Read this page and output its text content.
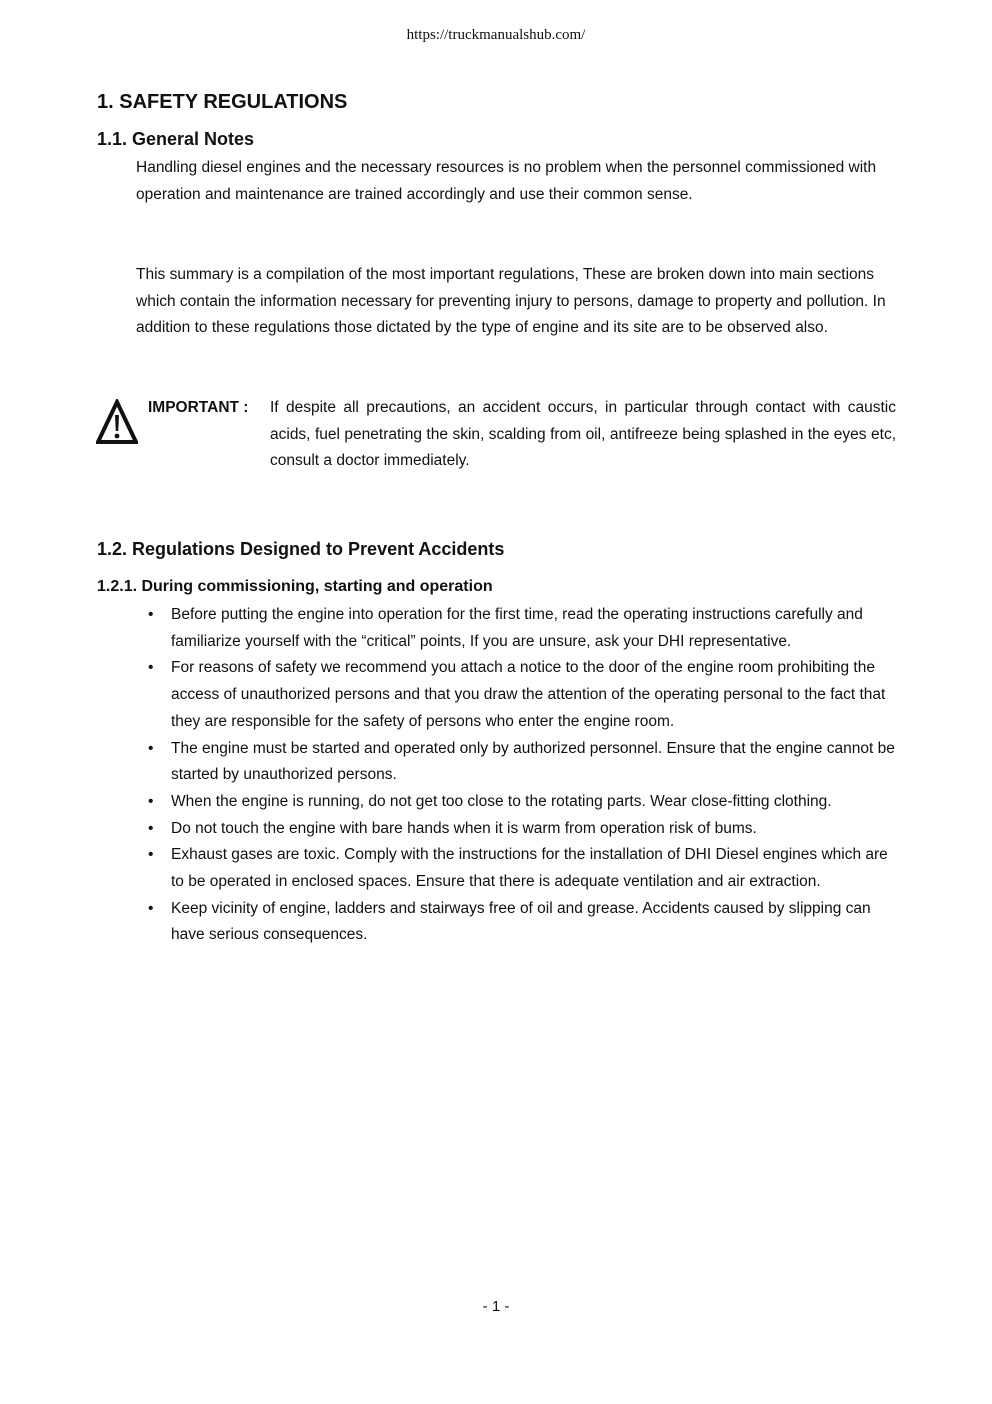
https://truckmanualshub.com/
1. SAFETY REGULATIONS
1.1. General Notes

Handling diesel engines and the necessary resources is no problem when the personnel commissioned with operation and maintenance are trained accordingly and use their common sense.

This summary is a compilation of the most important regulations, These are broken down into main sections which contain the information necessary for preventing injury to persons, damage to property and pollution. In addition to these regulations those dictated by the type of engine and its site are to be observed also.

IMPORTANT : If despite all precautions, an accident occurs, in particular through contact with caustic acids, fuel penetrating the skin, scalding from oil, antifreeze being splashed in the eyes etc, consult a doctor immediately.

1.2. Regulations Designed to Prevent Accidents
1.2.1. During commissioning, starting and operation
•	Before putting the engine into operation for the first time, read the operating instructions carefully and familiarize yourself with the “critical” points, If you are unsure, ask your DHI representative.
•	For reasons of safety we recommend you attach a notice to the door of the engine room prohibiting the access of unauthorized persons and that you draw the attention of the operating personal to the fact that they are responsible for the safety of persons who enter the engine room.
•	The engine must be started and operated only by authorized personnel. Ensure that the engine cannot be started by unauthorized persons.
•	When the engine is running, do not get too close to the rotating parts. Wear close-fitting clothing.
•	Do not touch the engine with bare hands when it is warm from operation risk of bums.
•	Exhaust gases are toxic. Comply with the instructions for the installation of DHI Diesel engines which are to be operated in enclosed spaces. Ensure that there is adequate ventilation and air extraction.
•	Keep vicinity of engine, ladders and stairways free of oil and grease. Accidents caused by slipping can have serious consequences.
- 1 -
